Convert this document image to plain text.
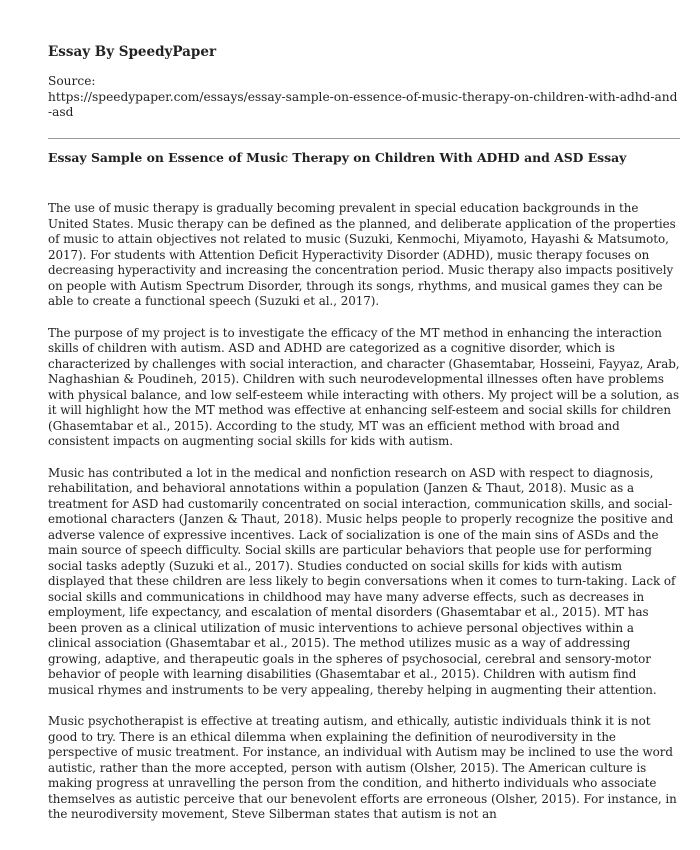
Essay By SpeedyPaper
Source:
https://speedypaper.com/essays/essay-sample-on-essence-of-music-therapy-on-children-with-adhd-and-asd
Essay Sample on Essence of Music Therapy on Children With ADHD and ASD Essay

The use of music therapy is gradually becoming prevalent in special education backgrounds in the United States. Music therapy can be defined as the planned, and deliberate application of the properties of music to attain objectives not related to music (Suzuki, Kenmochi, Miyamoto, Hayashi & Matsumoto, 2017). For students with Attention Deficit Hyperactivity Disorder (ADHD), music therapy focuses on decreasing hyperactivity and increasing the concentration period. Music therapy also impacts positively on people with Autism Spectrum Disorder, through its songs, rhythms, and musical games they can be able to create a functional speech (Suzuki et al., 2017).

The purpose of my project is to investigate the efficacy of the MT method in enhancing the interaction skills of children with autism. ASD and ADHD are categorized as a cognitive disorder, which is characterized by challenges with social interaction, and character (Ghasemtabar, Hosseini, Fayyaz, Arab, Naghashian & Poudineh, 2015). Children with such neurodevelopmental illnesses often have problems with physical balance, and low self-esteem while interacting with others. My project will be a solution, as it will highlight how the MT method was effective at enhancing self-esteem and social skills for children (Ghasemtabar et al., 2015). According to the study, MT was an efficient method with broad and consistent impacts on augmenting social skills for kids with autism.

Music has contributed a lot in the medical and nonfiction research on ASD with respect to diagnosis, rehabilitation, and behavioral annotations within a population (Janzen & Thaut, 2018). Music as a treatment for ASD had customarily concentrated on social interaction, communication skills, and social-emotional characters (Janzen & Thaut, 2018). Music helps people to properly recognize the positive and adverse valence of expressive incentives. Lack of socialization is one of the main sins of ASDs and the main source of speech difficulty. Social skills are particular behaviors that people use for performing social tasks adeptly (Suzuki et al., 2017). Studies conducted on social skills for kids with autism displayed that these children are less likely to begin conversations when it comes to turn-taking. Lack of social skills and communications in childhood may have many adverse effects, such as decreases in employment, life expectancy, and escalation of mental disorders (Ghasemtabar et al., 2015). MT has been proven as a clinical utilization of music interventions to achieve personal objectives within a clinical association (Ghasemtabar et al., 2015). The method utilizes music as a way of addressing growing, adaptive, and therapeutic goals in the spheres of psychosocial, cerebral and sensory-motor behavior of people with learning disabilities (Ghasemtabar et al., 2015). Children with autism find musical rhymes and instruments to be very appealing, thereby helping in augmenting their attention.

Music psychotherapist is effective at treating autism, and ethically, autistic individuals think it is not good to try. There is an ethical dilemma when explaining the definition of neurodiversity in the perspective of music treatment. For instance, an individual with Autism may be inclined to use the word autistic, rather than the more accepted, person with autism (Olsher, 2015). The American culture is making progress at unravelling the person from the condition, and hitherto individuals who associate themselves as autistic perceive that our benevolent efforts are erroneous (Olsher, 2015). For instance, in the neurodiversity movement, Steve Silberman states that autism is not an
